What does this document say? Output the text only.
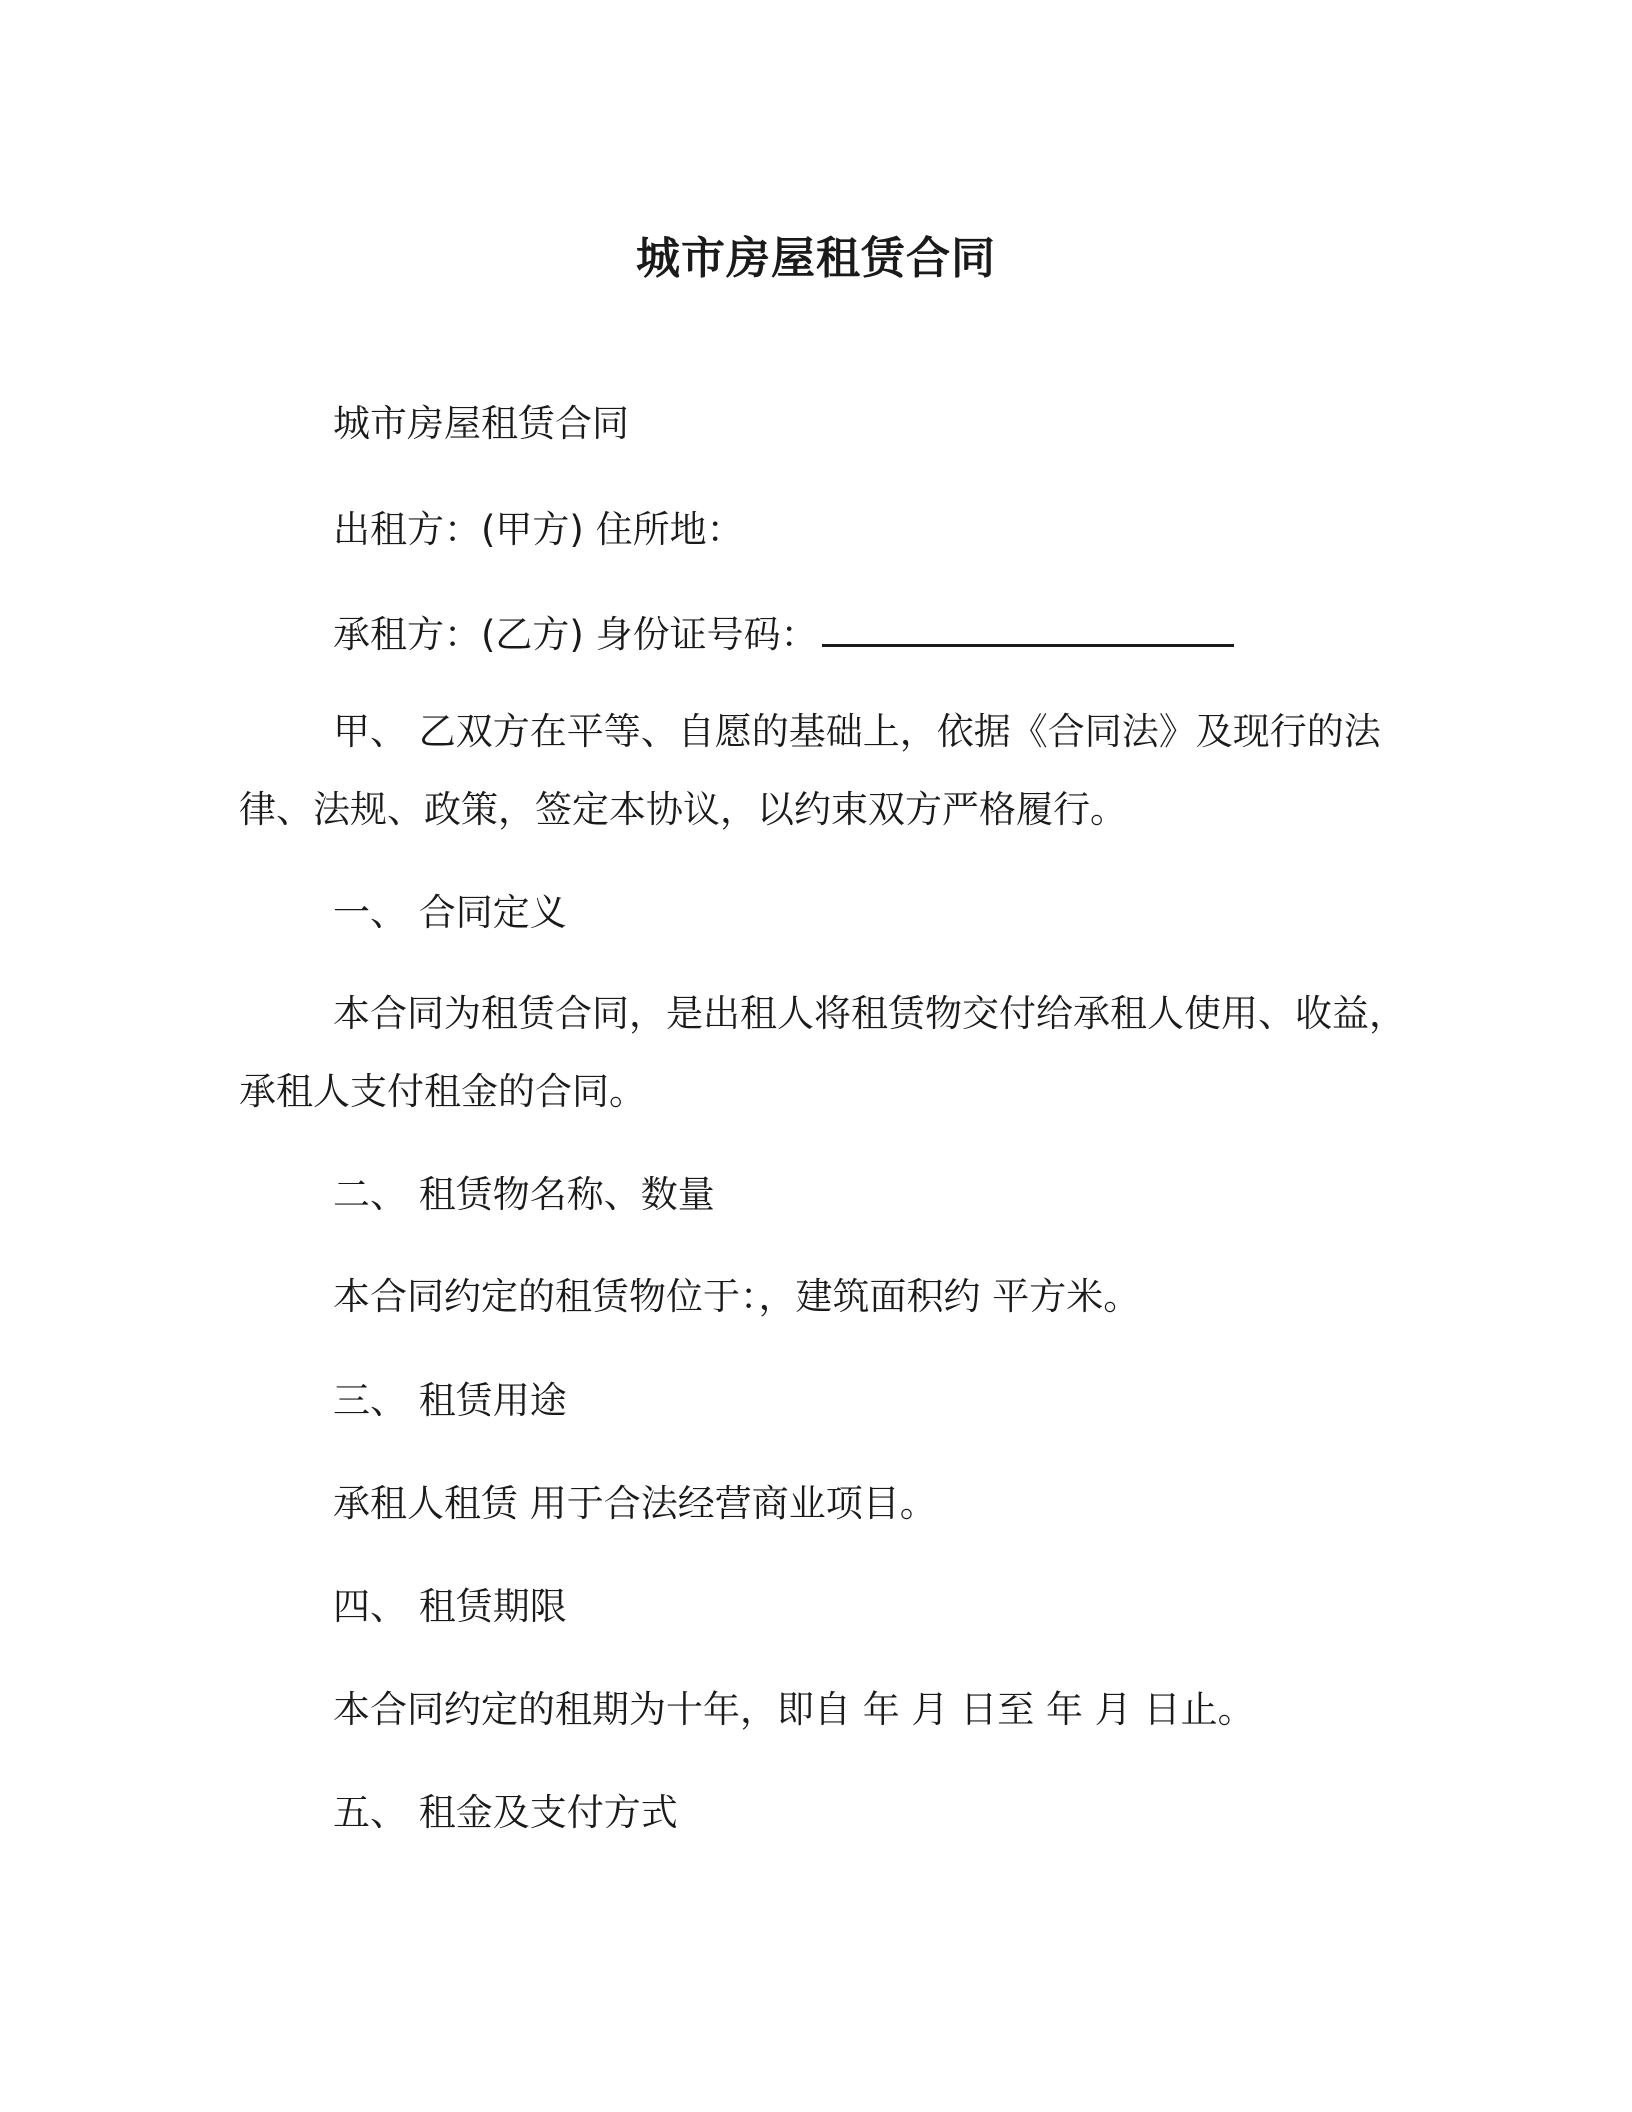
城市房屋租赁合同
城市房屋租赁合同
出租方：(甲方) 住所地：
承租方：(乙方) 身份证号码：
甲、 乙双方在平等、自愿的基础上，依据《合同法》及现行的法
律、法规、政策，签定本协议，以约束双方严格履行。
一、 合同定义
本合同为租赁合同，是出租人将租赁物交付给承租人使用、收益，
承租人支付租金的合同。
二、 租赁物名称、数量
本合同约定的租赁物位于：，建筑面积约 平方米。
三、 租赁用途
承租人租赁 用于合法经营商业项目。
四、 租赁期限
本合同约定的租期为十年，即自 年 月 日至 年 月 日止。
五、 租金及支付方式
